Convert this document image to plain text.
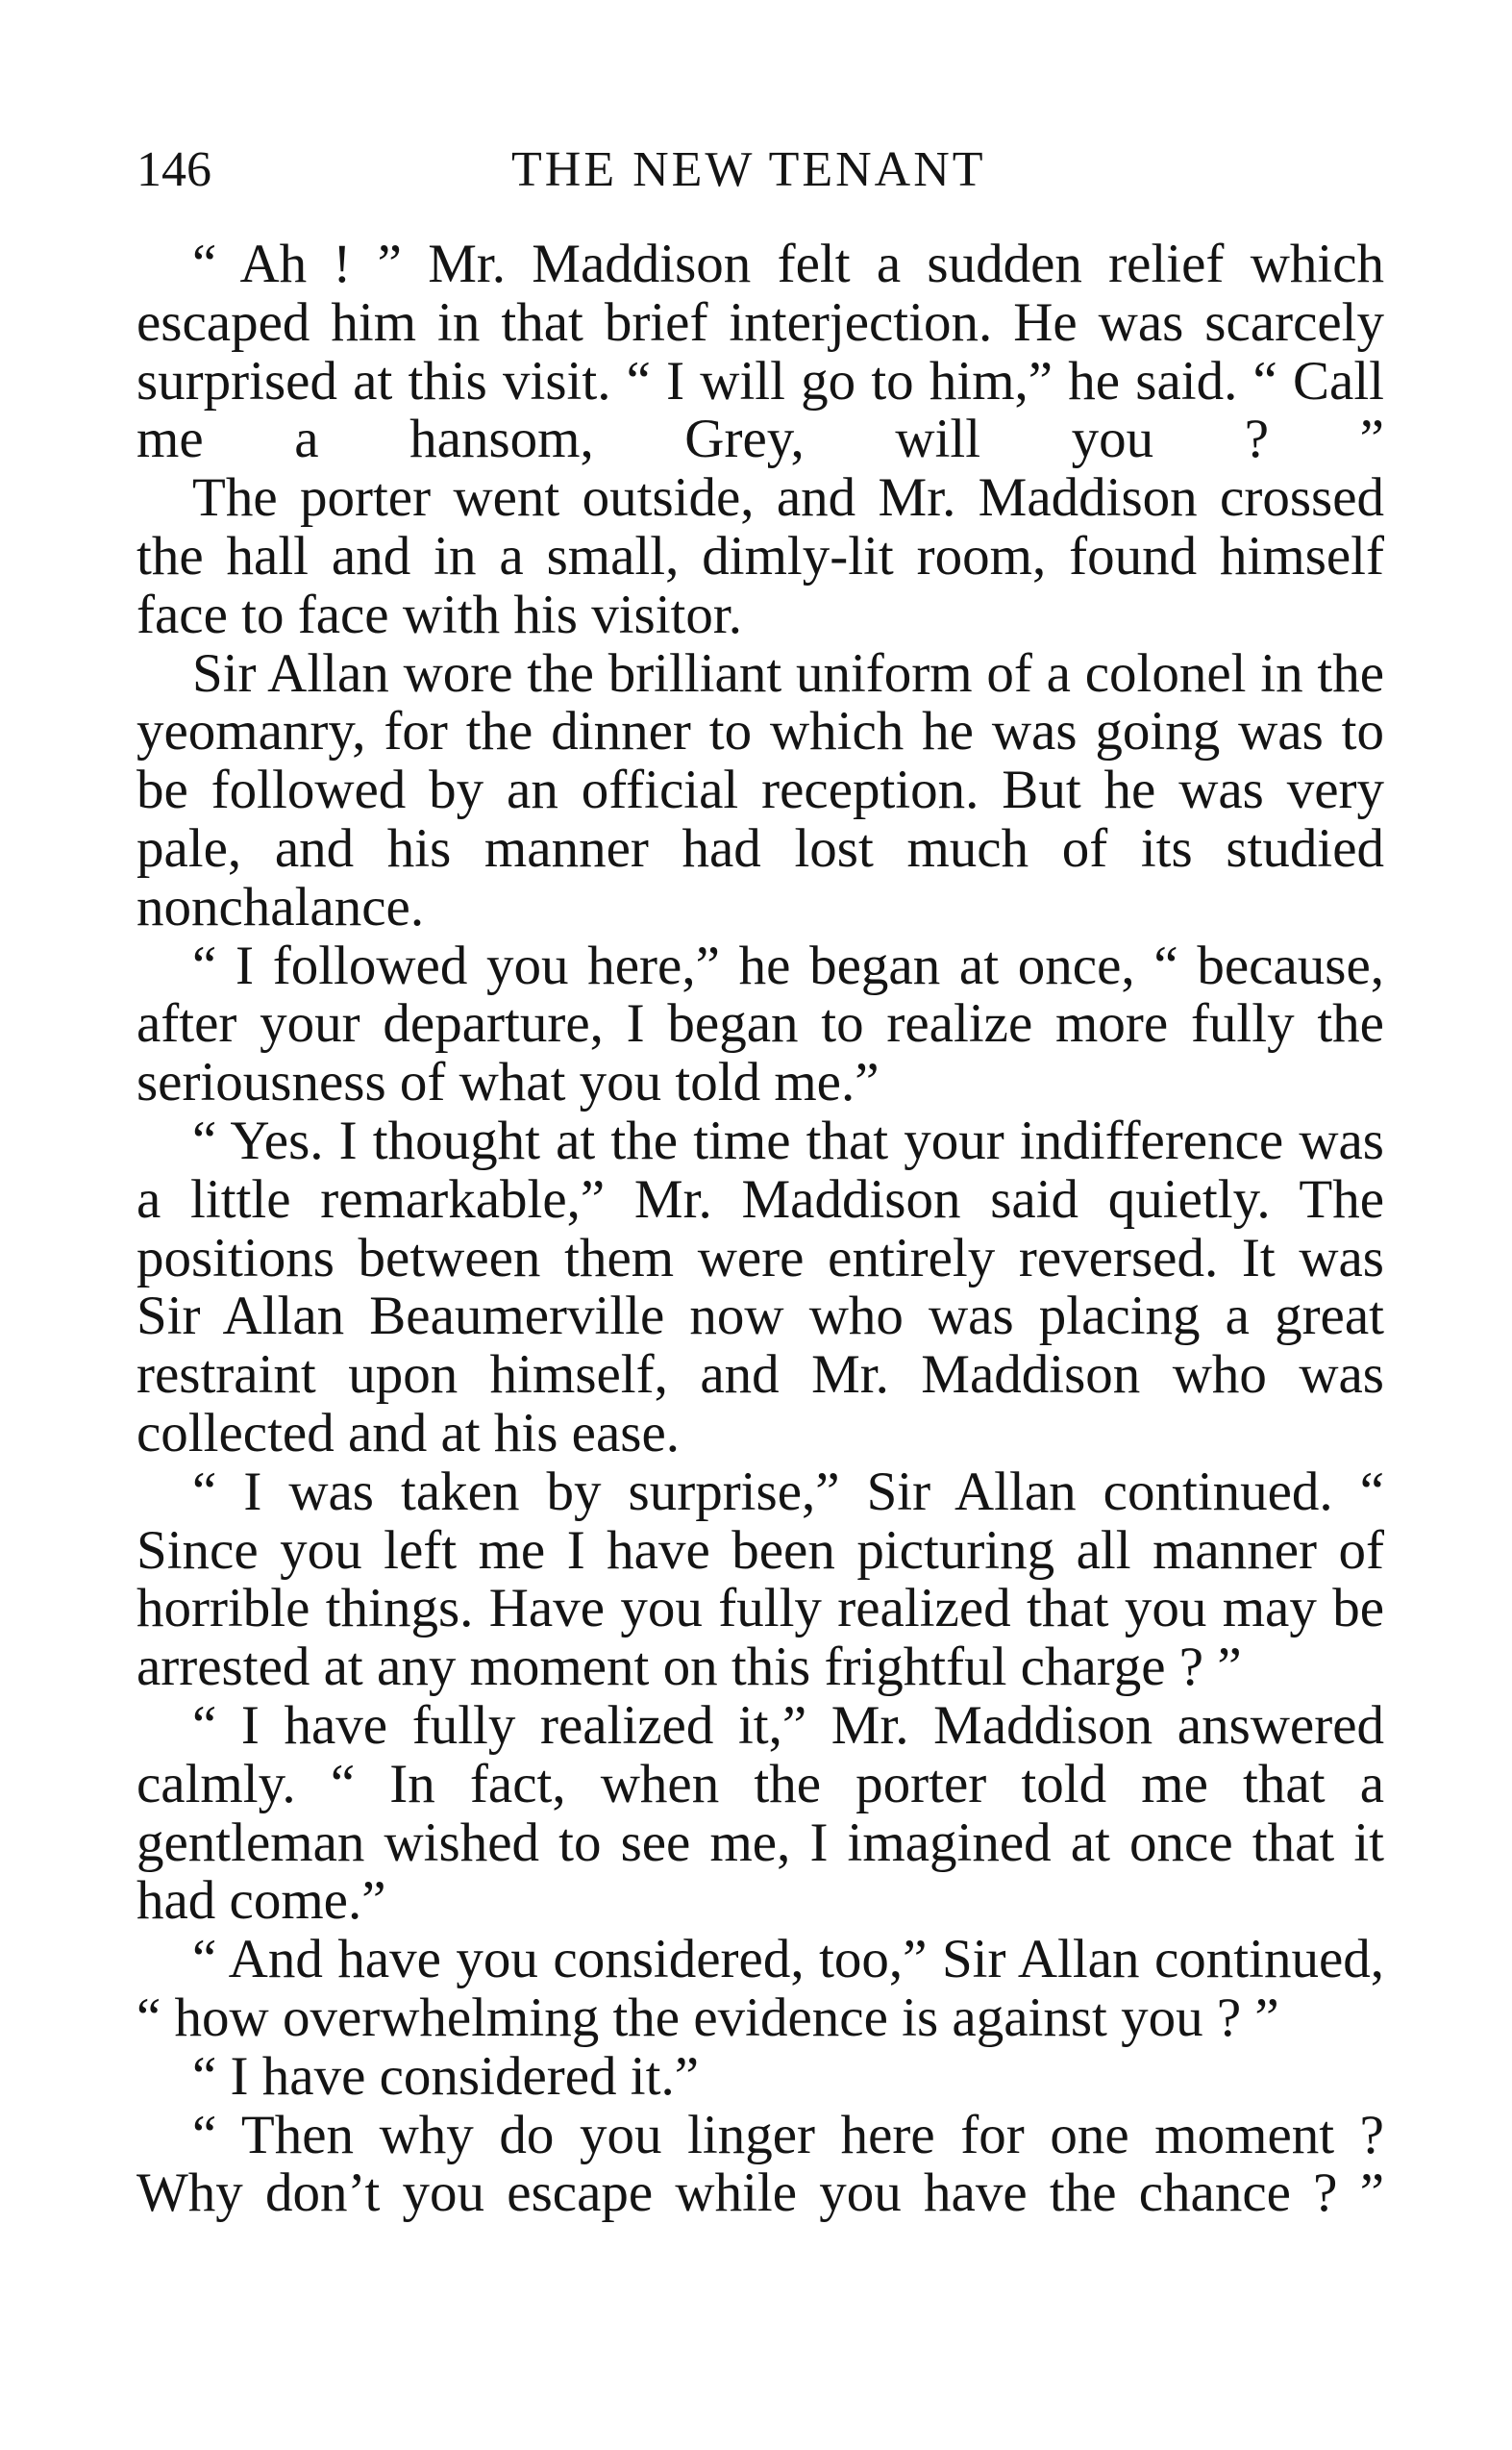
146	THE NEW TENANT

“ Ah ! ” Mr. Maddison felt a sudden relief which escaped him in that brief interjection. He was scarcely surprised at this visit. “ I will go to him,” he said. “ Call me a hansom, Grey, will you ? ”

The porter went outside, and Mr. Maddison crossed the hall and in a small, dimly-lit room, found himself face to face with his visitor.

Sir Allan wore the brilliant uniform of a colonel in the yeomanry, for the dinner to which he was going was to be followed by an official reception. But he was very pale, and his manner had lost much of its studied nonchalance.

“ I followed you here,” he began at once, “ because, after your departure, I began to realize more fully the seriousness of what you told me.”

“ Yes. I thought at the time that your indifference was a little remarkable,” Mr. Maddison said quietly. The positions between them were entirely reversed. It was Sir Allan Beaumerville now who was placing a great restraint upon himself, and Mr. Maddison who was collected and at his ease.

“ I was taken by surprise,” Sir Allan continued. “ Since you left me I have been picturing all manner of horrible things. Have you fully realized that you may be arrested at any moment on this frightful charge ? ”

“ I have fully realized it,” Mr. Maddison answered calmly. “ In fact, when the porter told me that a gentleman wished to see me, I imagined at once that it had come.”

“ And have you considered, too,” Sir Allan continued, “ how overwhelming the evidence is against you ? ”

“ I have considered it.”

“ Then why do you linger here for one moment ? Why don’t you escape while you have the chance ? ”
